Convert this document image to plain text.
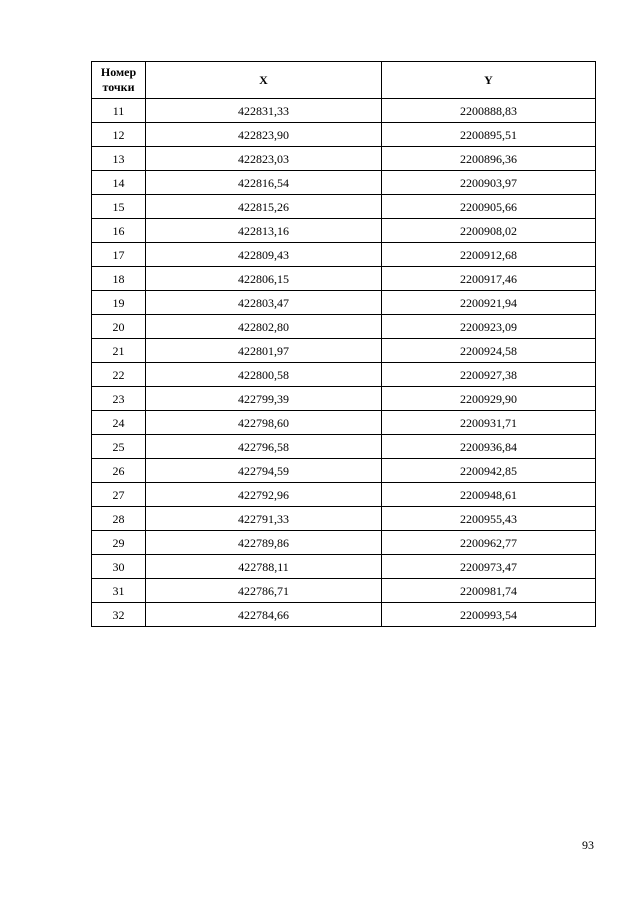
Номер
точки	X	Y
11	422831,33	2200888,83
12	422823,90	2200895,51
13	422823,03	2200896,36
14	422816,54	2200903,97
15	422815,26	2200905,66
16	422813,16	2200908,02
17	422809,43	2200912,68
18	422806,15	2200917,46
19	422803,47	2200921,94
20	422802,80	2200923,09
21	422801,97	2200924,58
22	422800,58	2200927,38
23	422799,39	2200929,90
24	422798,60	2200931,71
25	422796,58	2200936,84
26	422794,59	2200942,85
27	422792,96	2200948,61
28	422791,33	2200955,43
29	422789,86	2200962,77
30	422788,11	2200973,47
31	422786,71	2200981,74
32	422784,66	2200993,54
93
